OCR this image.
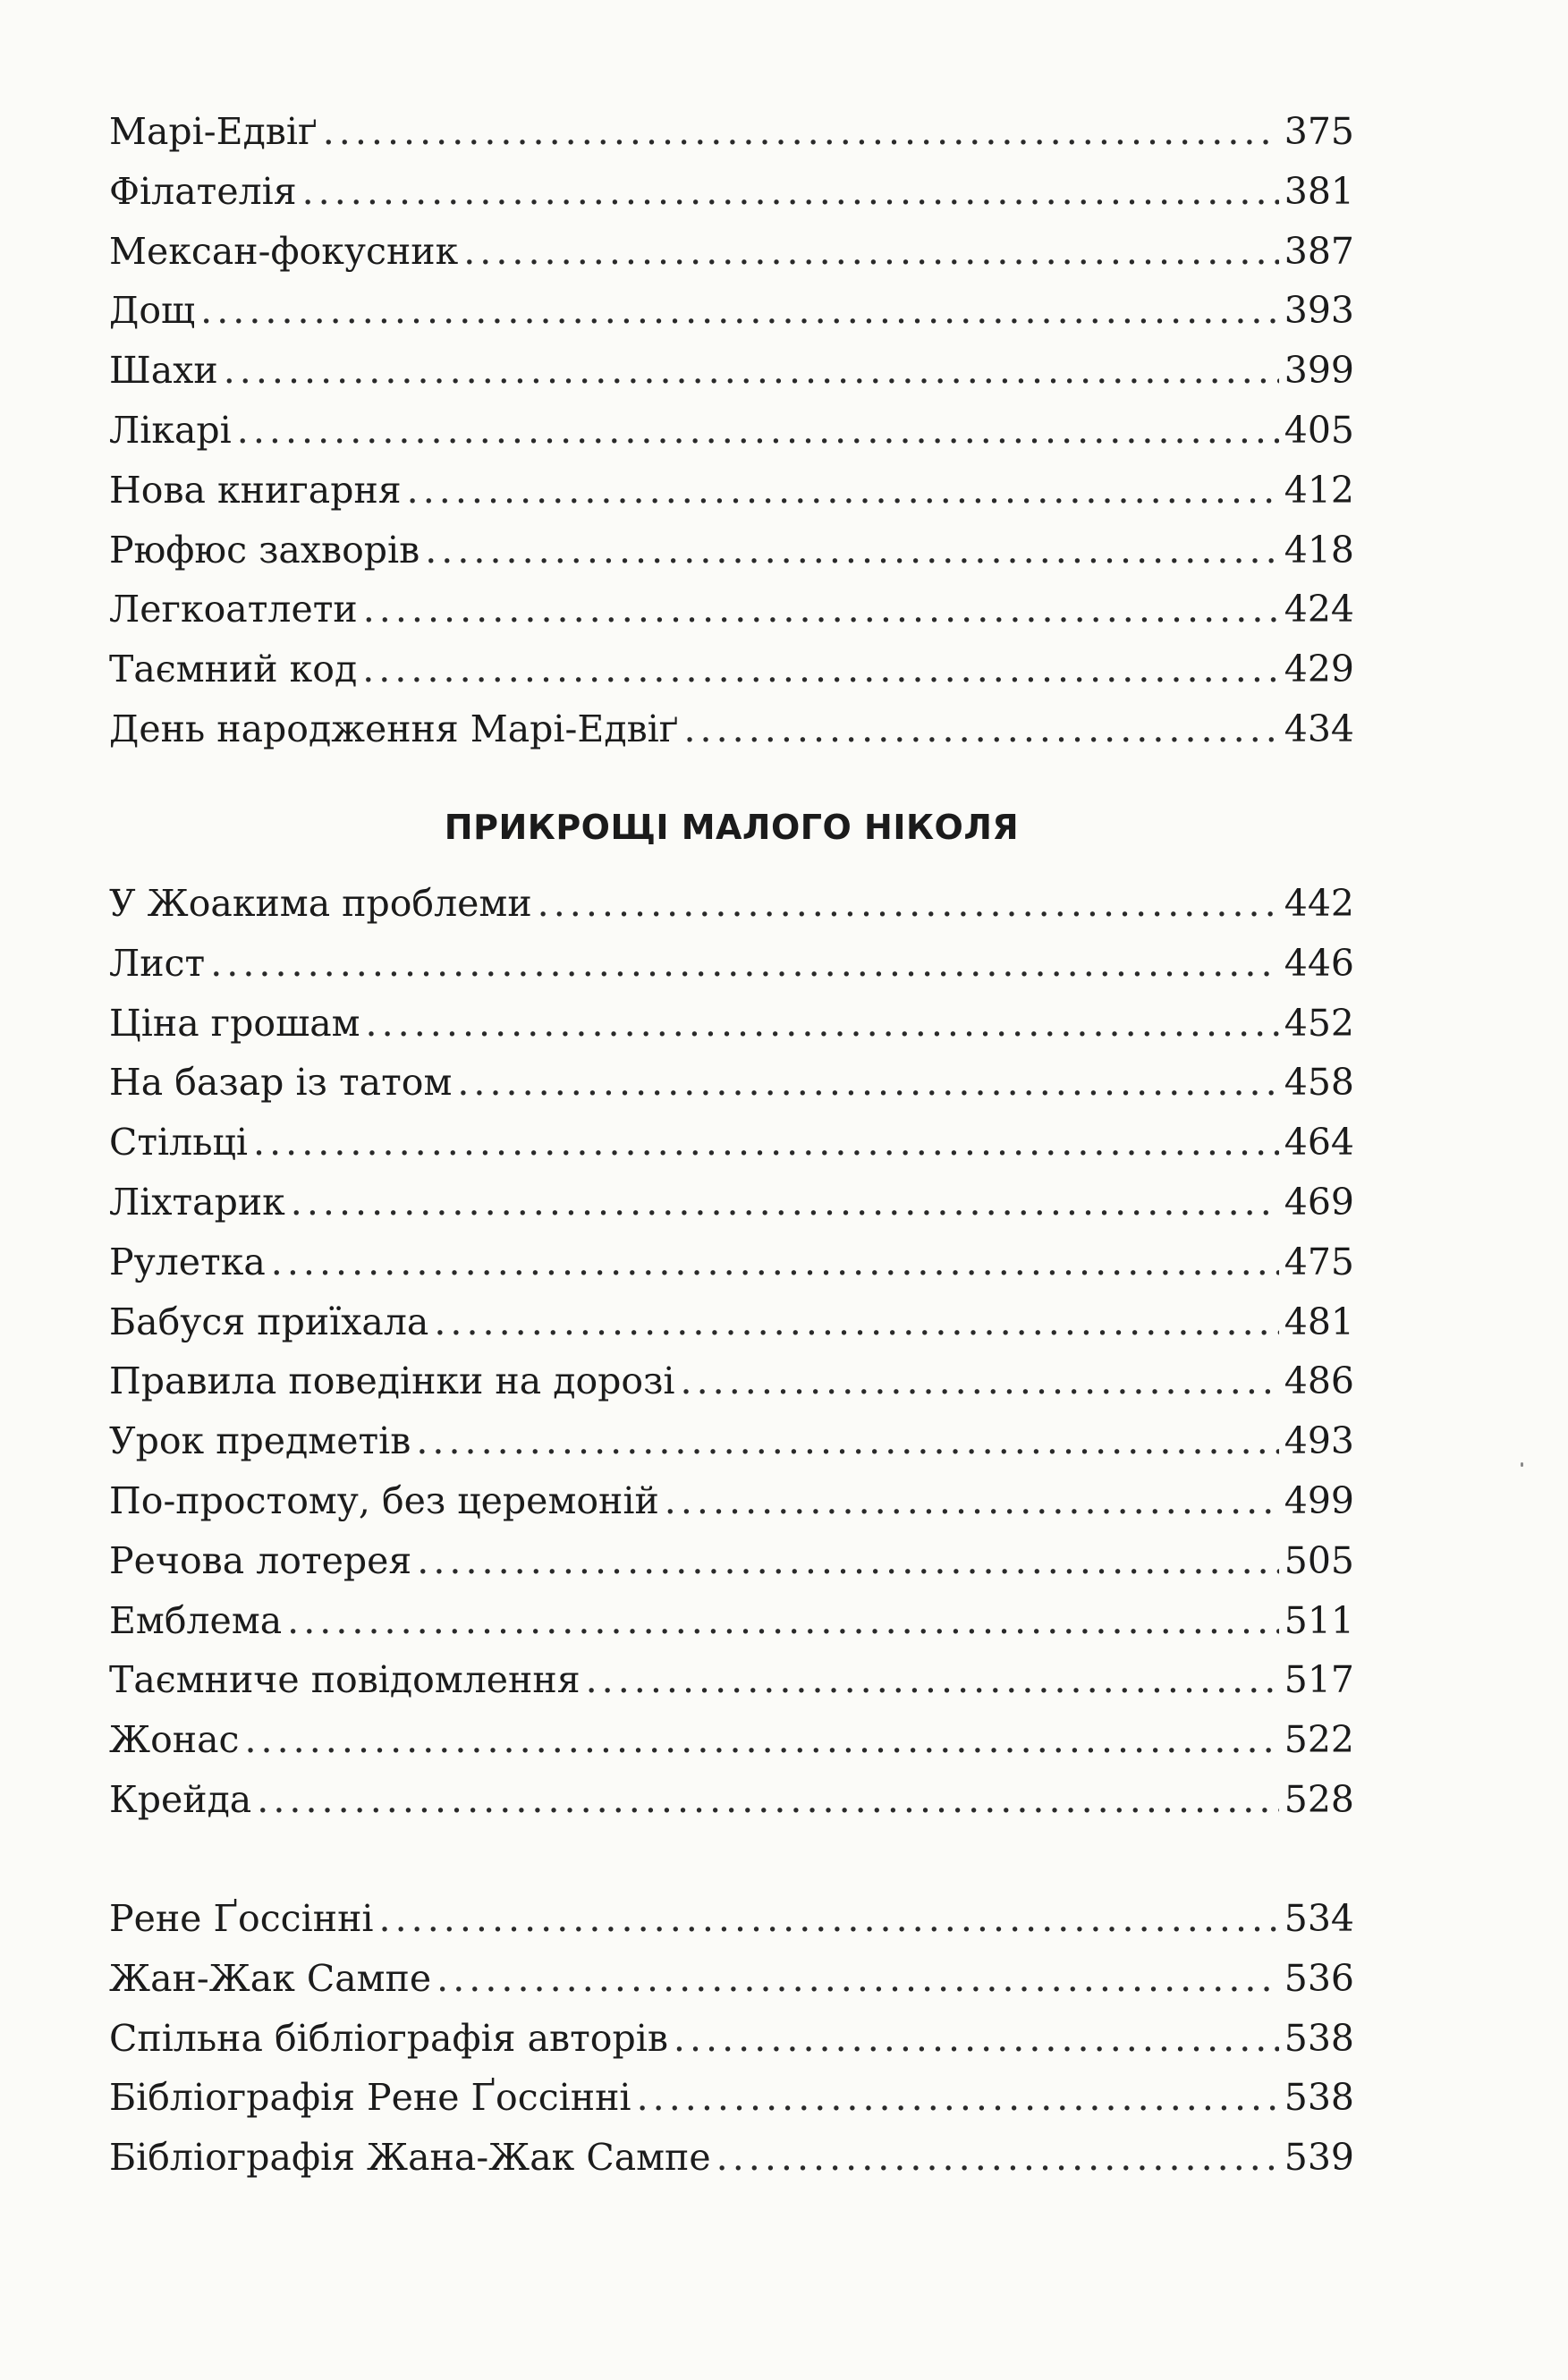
ПРИКРОЩІ МАЛОГО НІКОЛЯ
Марі-Едвіґ . . .	375
Філателія . . .	381
Мексан-фокусник . . .	387
Дощ . . .	393
Шахи . . .	399
Лікарі . . .	405
Нова книгарня . . .	412
Рюфюс захворів . . .	418
Легкоатлети . . .	424
Таємний код . . .	429
День народження Марі-Едвіґ . . .	434
У Жоакима проблеми . . .	442
Лист . . .	446
Ціна грошам . . .	452
На базар із татом . . .	458
Стільці . . .	464
Ліхтарик . . .	469
Рулетка . . .	475
Бабуся приїхала . . .	481
Правила поведінки на дорозі . . .	486
Урок предметів . . .	493
По-простому, без церемоній . . .	499
Речова лотерея . . .	505
Емблема . . .	511
Таємниче повідомлення . . .	517
Жонас . . .	522
Крейда . . .	528
Рене Ґоссінні . . .	534
Жан-Жак Сампе . . .	536
Спільна бібліографія авторів . . .	538
Бібліографія Рене Ґоссінні . . .	538
Бібліографія Жана-Жак Сампе . . .	539
